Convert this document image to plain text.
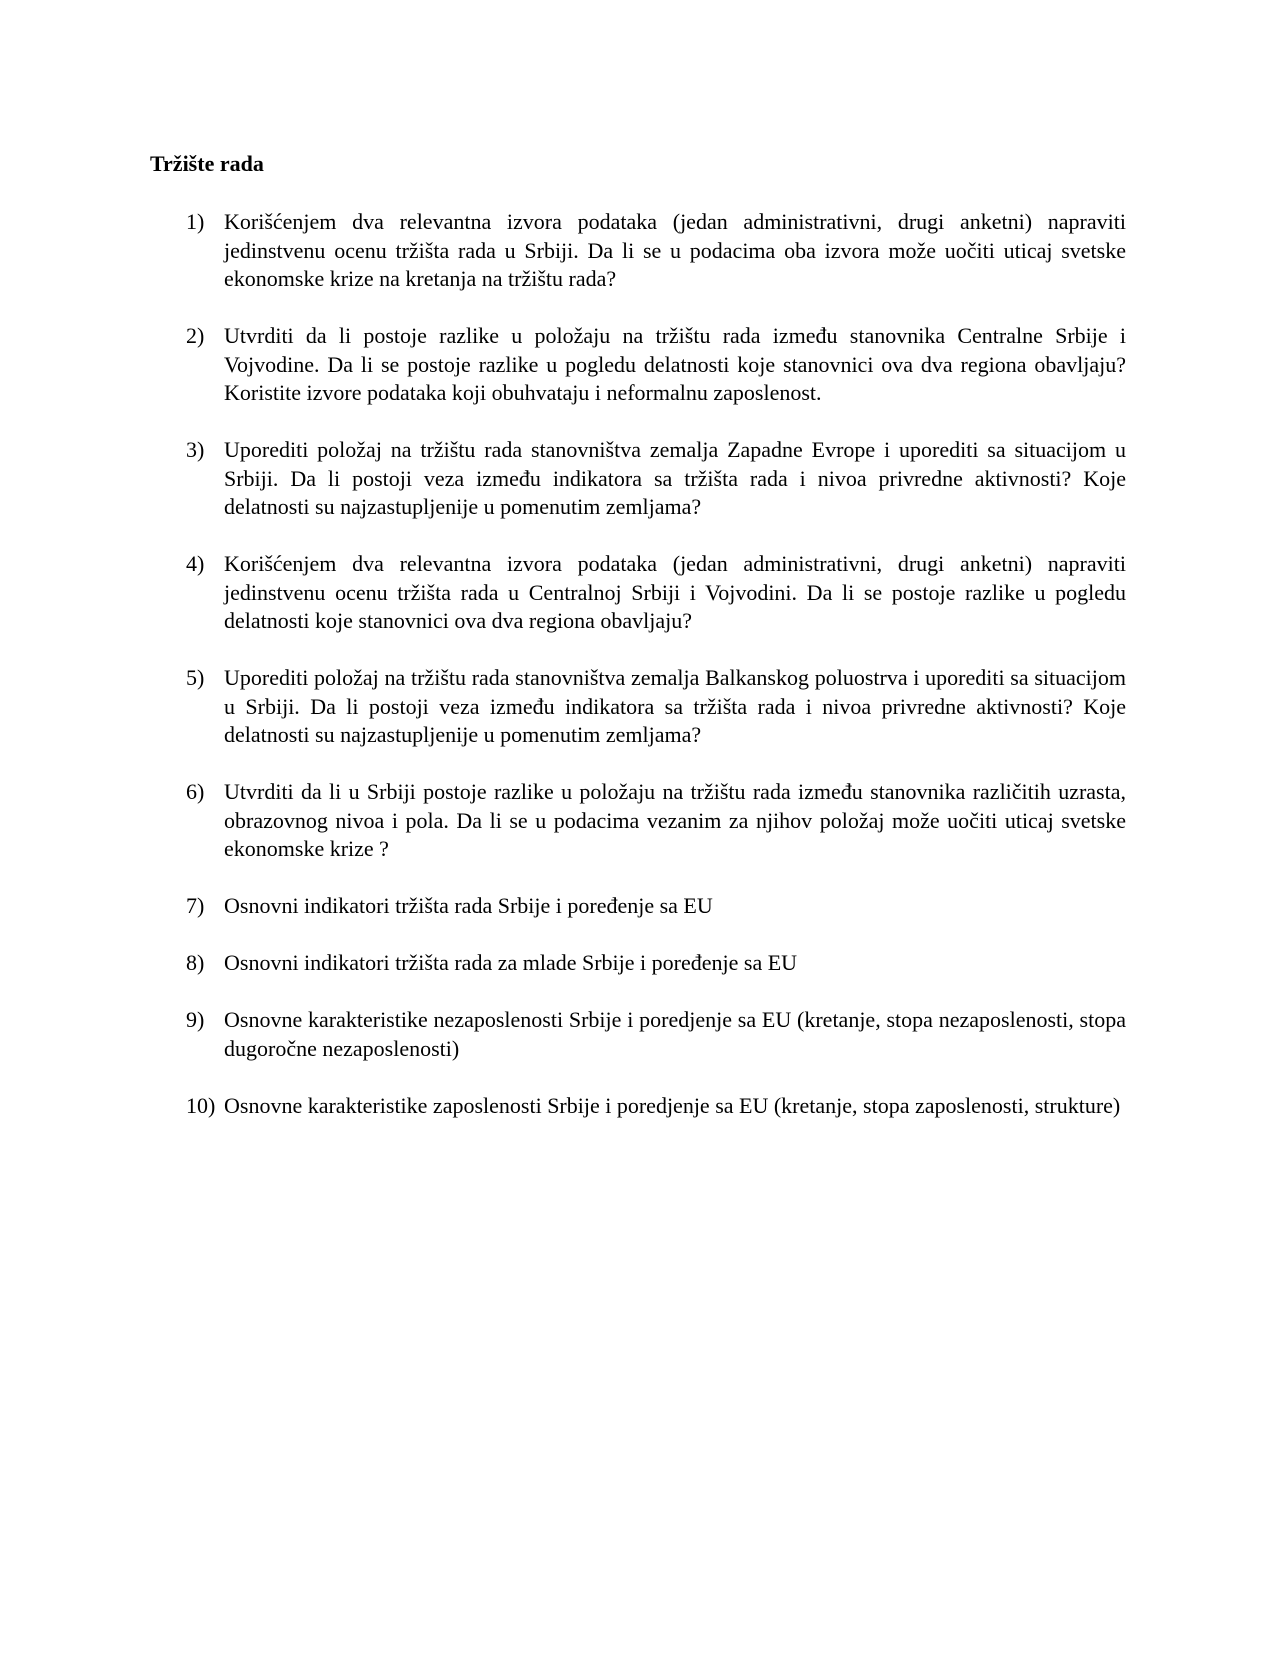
Tržište rada
1) Korišćenjem dva relevantna izvora podataka (jedan administrativni, drugi anketni) napraviti jedinstvenu ocenu tržišta rada u Srbiji. Da li se u podacima oba izvora može uočiti uticaj svetske ekonomske krize na kretanja na tržištu rada?
2) Utvrditi da li postoje razlike u položaju na tržištu rada između stanovnika Centralne Srbije i Vojvodine. Da li se postoje razlike u pogledu delatnosti koje stanovnici ova dva regiona obavljaju? Koristite izvore podataka koji obuhvataju i neformalnu zaposlenost.
3) Uporediti položaj na tržištu rada stanovništva zemalja Zapadne Evrope i uporediti sa situacijom u Srbiji. Da li postoji veza između indikatora sa tržišta rada i nivoa privredne aktivnosti? Koje delatnosti su najzastupljenije u pomenutim zemljama?
4) Korišćenjem dva relevantna izvora podataka (jedan administrativni, drugi anketni) napraviti jedinstvenu ocenu tržišta rada u Centralnoj Srbiji i Vojvodini. Da li se postoje razlike u pogledu delatnosti koje stanovnici ova dva regiona obavljaju?
5) Uporediti položaj na tržištu rada stanovništva zemalja Balkanskog poluostrva i uporediti sa situacijom u Srbiji. Da li postoji veza između indikatora sa tržišta rada i nivoa privredne aktivnosti? Koje delatnosti su najzastupljenije u pomenutim zemljama?
6) Utvrditi da li u Srbiji postoje razlike u položaju na tržištu rada između stanovnika različitih uzrasta, obrazovnog nivoa i pola. Da li se u podacima vezanim za njihov položaj može uočiti uticaj svetske ekonomske krize ?
7) Osnovni indikatori tržišta rada Srbije i poređenje sa EU
8) Osnovni indikatori tržišta rada za mlade Srbije i poređenje sa EU
9) Osnovne karakteristike nezaposlenosti Srbije i poredjenje sa EU (kretanje, stopa nezaposlenosti, stopa dugoročne nezaposlenosti)
10) Osnovne karakteristike zaposlenosti Srbije i poredjenje sa EU (kretanje, stopa zaposlenosti, strukture)
